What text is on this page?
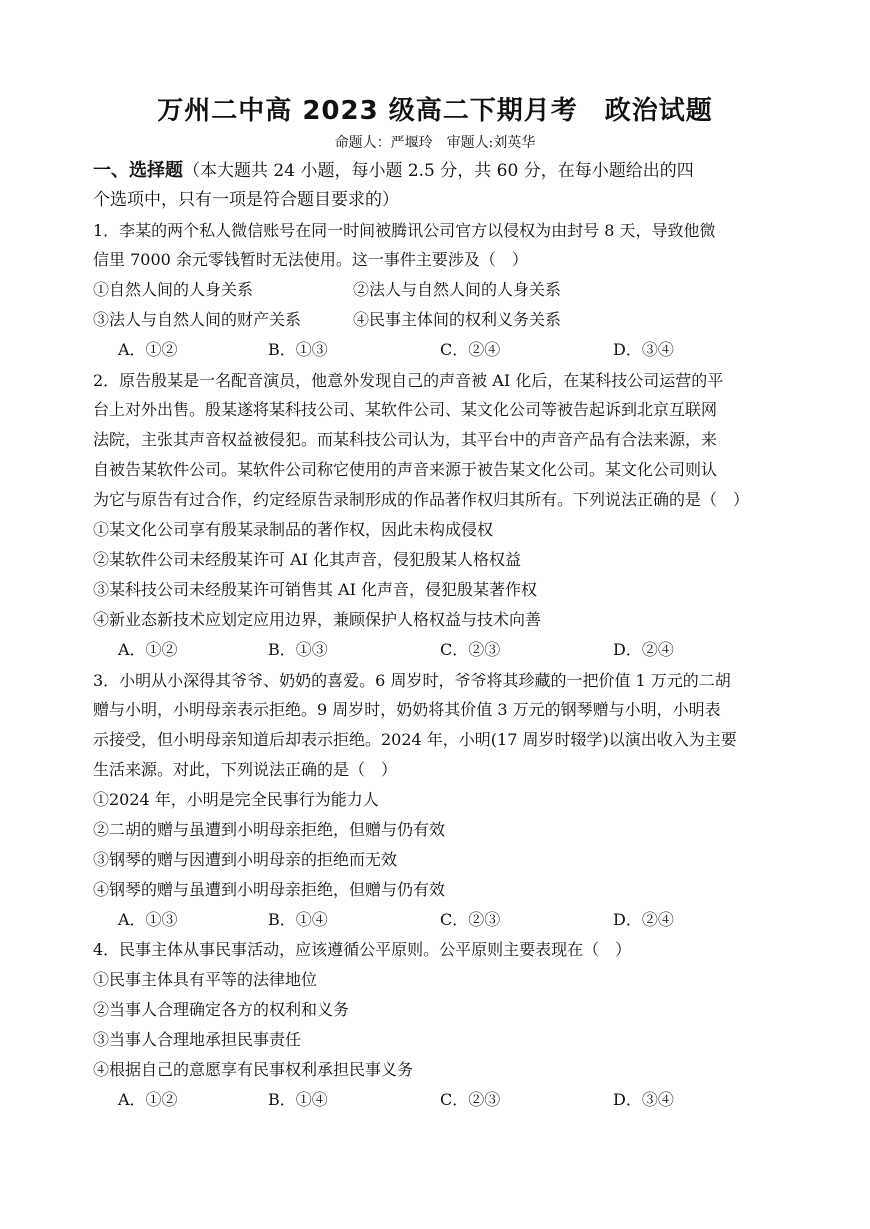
万州二中高 2023 级高二下期月考　政治试题
命题人：严堰玲　审题人:刘英华
一、选择题（本大题共 24 小题，每小题 2.5 分，共 60 分，在每小题给出的四
个选项中，只有一项是符合题目要求的）
1．李某的两个私人微信账号在同一时间被腾讯公司官方以侵权为由封号 8 天，导致他微
信里 7000 余元零钱暂时无法使用。这一事件主要涉及（　）
①自然人间的人身关系	②法人与自然人间的人身关系
③法人与自然人间的财产关系	④民事主体间的权利义务关系
A．①②	B．①③	C．②④	D．③④
2．原告殷某是一名配音演员，他意外发现自己的声音被 AI 化后，在某科技公司运营的平
台上对外出售。殷某遂将某科技公司、某软件公司、某文化公司等被告起诉到北京互联网
法院，主张其声音权益被侵犯。而某科技公司认为，其平台中的声音产品有合法来源，来
自被告某软件公司。某软件公司称它使用的声音来源于被告某文化公司。某文化公司则认
为它与原告有过合作，约定经原告录制形成的作品著作权归其所有。下列说法正确的是（　）
①某文化公司享有殷某录制品的著作权，因此未构成侵权
②某软件公司未经殷某许可 AI 化其声音，侵犯殷某人格权益
③某科技公司未经殷某许可销售其 AI 化声音，侵犯殷某著作权
④新业态新技术应划定应用边界，兼顾保护人格权益与技术向善
A．①②	B．①③	C．②③	D．②④
3．小明从小深得其爷爷、奶奶的喜爱。6 周岁时，爷爷将其珍藏的一把价值 1 万元的二胡
赠与小明，小明母亲表示拒绝。9 周岁时，奶奶将其价值 3 万元的钢琴赠与小明，小明表
示接受，但小明母亲知道后却表示拒绝。2024 年，小明(17 周岁时辍学)以演出收入为主要
生活来源。对此，下列说法正确的是（　）
①2024 年，小明是完全民事行为能力人
②二胡的赠与虽遭到小明母亲拒绝，但赠与仍有效
③钢琴的赠与因遭到小明母亲的拒绝而无效
④钢琴的赠与虽遭到小明母亲拒绝，但赠与仍有效
A．①③	B．①④	C．②③	D．②④
4．民事主体从事民事活动，应该遵循公平原则。公平原则主要表现在（　）
①民事主体具有平等的法律地位
②当事人合理确定各方的权利和义务
③当事人合理地承担民事责任
④根据自己的意愿享有民事权利承担民事义务
A．①②	B．①④	C．②③	D．③④
